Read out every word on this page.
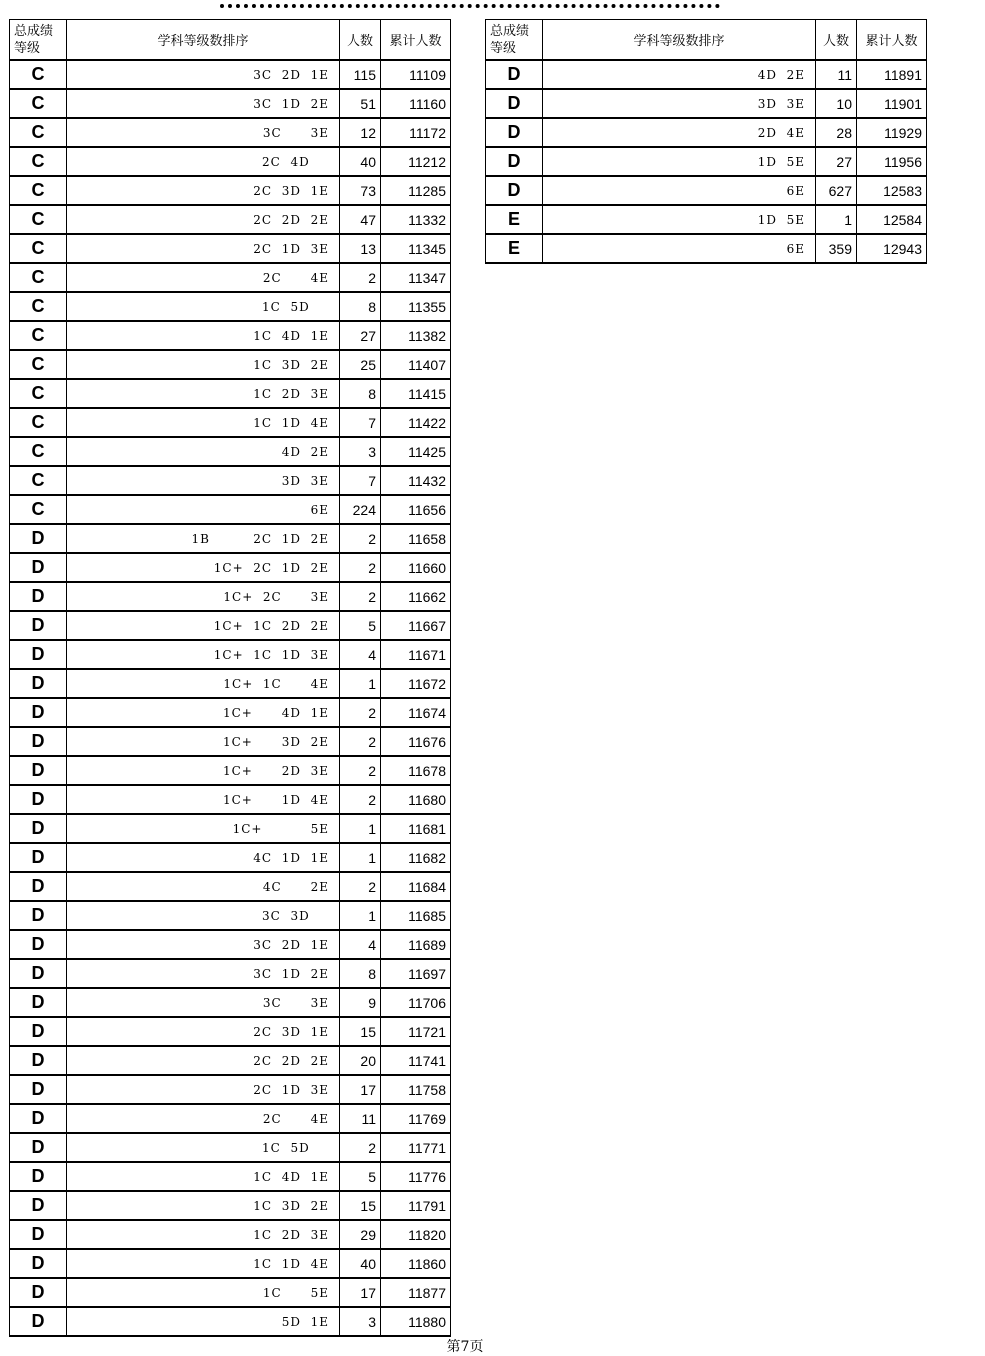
总成绩
等级	学科等级数排序	人数	累计人数
C	3C  2D  1E	115	11109
C	3C  1D  2E	51	11160
C	3C      3E	12	11172
C	2C  4D	40	11212
C	2C  3D  1E	73	11285
C	2C  2D  2E	47	11332
C	2C  1D  3E	13	11345
C	2C      4E	2	11347
C	1C  5D	8	11355
C	1C  4D  1E	27	11382
C	1C  3D  2E	25	11407
C	1C  2D  3E	8	11415
C	1C  1D  4E	7	11422
C	4D  2E	3	11425
C	3D  3E	7	11432
C	6E	224	11656
D	1B         2C  1D  2E	2	11658
D	1C+  2C  1D  2E	2	11660
D	1C+  2C      3E	2	11662
D	1C+  1C  2D  2E	5	11667
D	1C+  1C  1D  3E	4	11671
D	1C+  1C      4E	1	11672
D	1C+      4D  1E	2	11674
D	1C+      3D  2E	2	11676
D	1C+      2D  3E	2	11678
D	1C+      1D  4E	2	11680
D	1C+          5E	1	11681
D	4C  1D  1E	1	11682
D	4C      2E	2	11684
D	3C  3D	1	11685
D	3C  2D  1E	4	11689
D	3C  1D  2E	8	11697
D	3C      3E	9	11706
D	2C  3D  1E	15	11721
D	2C  2D  2E	20	11741
D	2C  1D  3E	17	11758
D	2C      4E	11	11769
D	1C  5D	2	11771
D	1C  4D  1E	5	11776
D	1C  3D  2E	15	11791
D	1C  2D  3E	29	11820
D	1C  1D  4E	40	11860
D	1C      5E	17	11877
D	5D  1E	3	11880
总成绩
等级	学科等级数排序	人数	累计人数
D	4D  2E	11	11891
D	3D  3E	10	11901
D	2D  4E	28	11929
D	1D  5E	27	11956
D	6E	627	12583
E	1D  5E	1	12584
E	6E	359	12943
第7页
